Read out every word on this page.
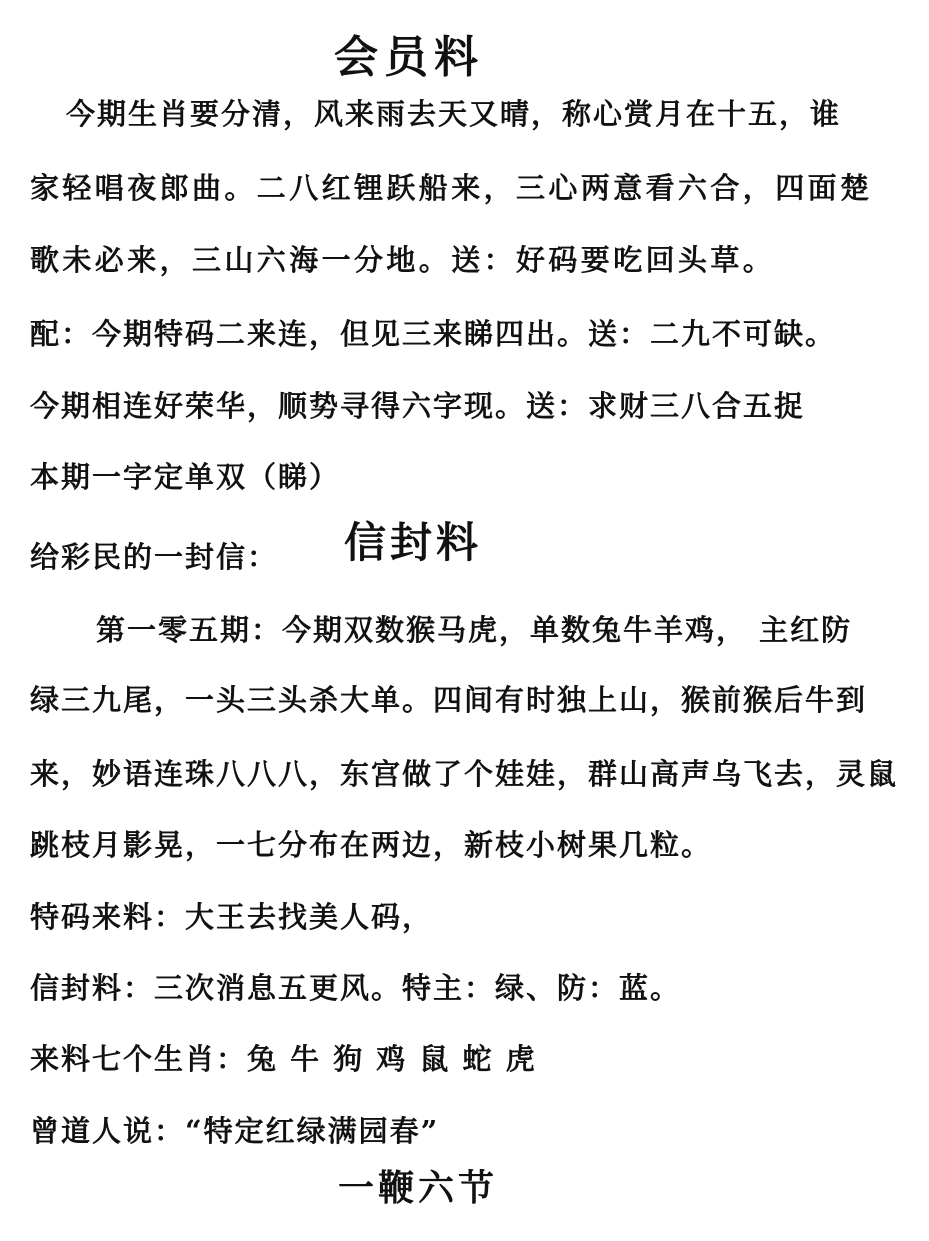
会员料
今期生肖要分清，风来雨去天又晴，称心赏月在十五，谁
家轻唱夜郎曲。二八红锂跃船来，三心两意看六合，四面楚
歌未必来，三山六海一分地。送：好码要吃回头草。
配：今期特码二来连，但见三来睇四出。送：二九不可缺。
今期相连好荣华，顺势寻得六字现。送：求财三八合五捉
本期一字定单双（睇）
给彩民的一封信： 信封料
第一零五期：今期双数猴马虎，单数兔牛羊鸡， 主红防
绿三九尾，一头三头杀大单。四间有时独上山，猴前猴后牛到
来，妙语连珠八八八，东宫做了个娃娃，群山高声乌飞去，灵鼠
跳枝月影晃，一七分布在两边，新枝小树果几粒。
特码来料：大王去找美人码，
信封料：三次消息五更风。特主：绿、防：蓝。
来料七个生肖：兔 牛 狗 鸡 鼠 蛇 虎
曾道人说：“特定红绿满园春”
一鞭六节
